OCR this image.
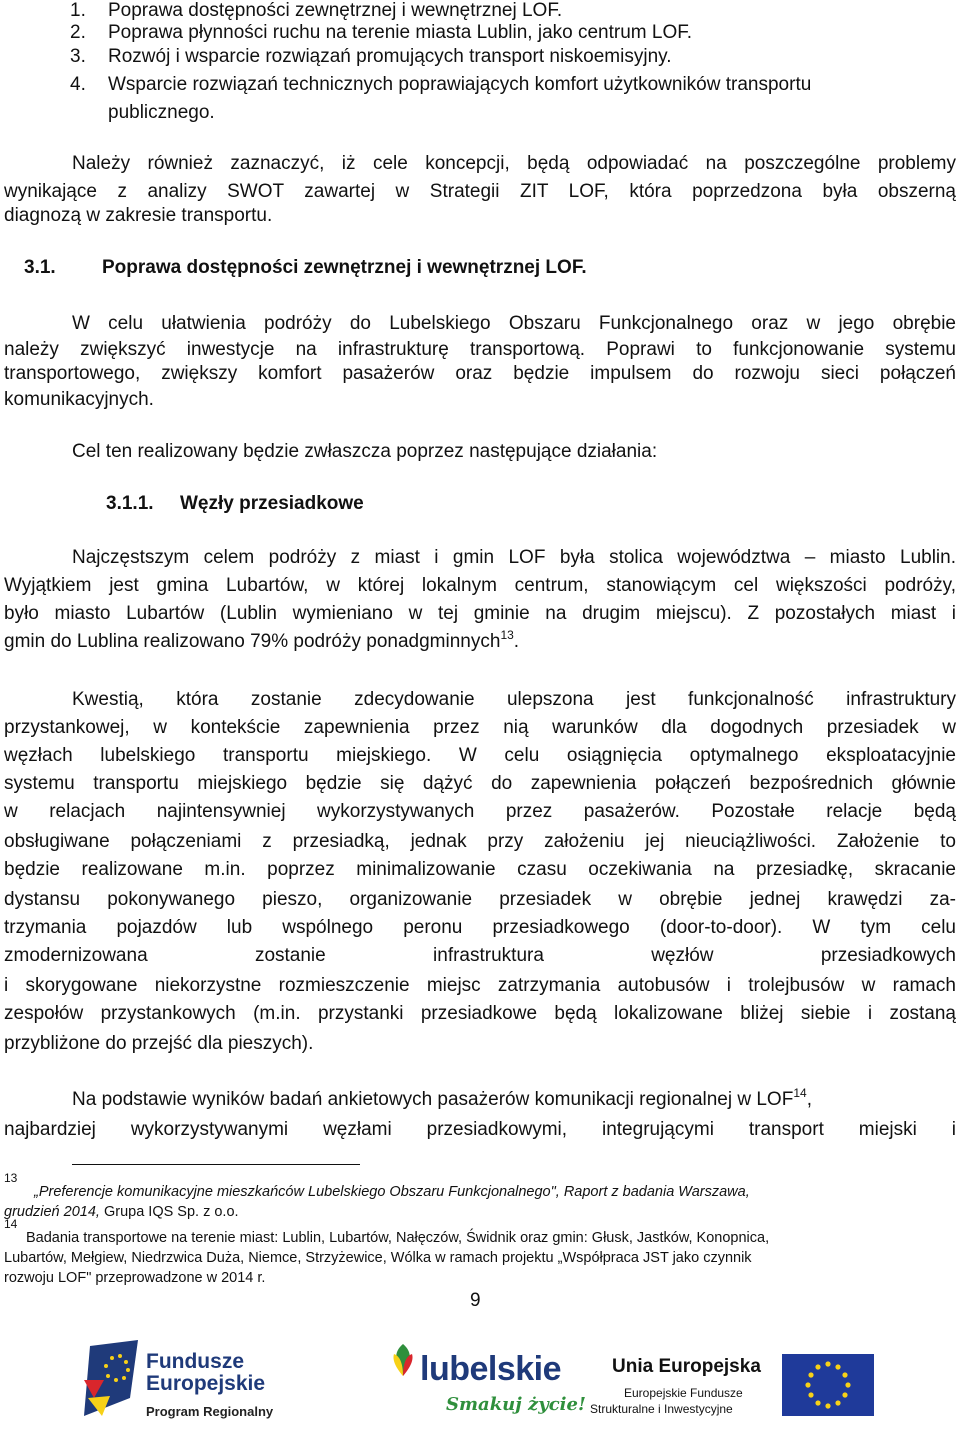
1. Poprawa dostępności zewnętrznej i wewnętrznej LOF.
2. Poprawa płynności ruchu na terenie miasta Lublin, jako centrum LOF.
3. Rozwój i wsparcie rozwiązań promujących transport niskoemisyjny.
4. Wsparcie rozwiązań technicznych poprawiających komfort użytkowników transportu
publicznego.
Należy również zaznaczyć, iż cele koncepcji, będą odpowiadać na poszczególne problemy
wynikające z analizy SWOT zawartej w Strategii ZIT LOF, która poprzedzona była obszerną
diagnozą w zakresie transportu.
3.1. Poprawa dostępności zewnętrznej i wewnętrznej LOF.
W celu ułatwienia podróży do Lubelskiego Obszaru Funkcjonalnego oraz w jego obrębie
należy zwiększyć inwestycje na infrastrukturę transportową. Poprawi to funkcjonowanie systemu
transportowego, zwiększy komfort pasażerów oraz będzie impulsem do rozwoju sieci połączeń
komunikacyjnych.
Cel ten realizowany będzie zwłaszcza poprzez następujące działania:
3.1.1. Węzły przesiadkowe
Najczęstszym celem podróży z miast i gmin LOF była stolica województwa – miasto Lublin.
Wyjątkiem jest gmina Lubartów, w której lokalnym centrum, stanowiącym cel większości podróży,
było miasto Lubartów (Lublin wymieniano w tej gminie na drugim miejscu). Z pozostałych miast i
gmin do Lublina realizowano 79% podróży ponadgminnych$^{13}$.
Kwestią, która zostanie zdecydowanie ulepszona jest funkcjonalność infrastruktury
przystankowej, w kontekście zapewnienia przez nią warunków dla dogodnych przesiadek w
węzłach lubelskiego transportu miejskiego. W celu osiągnięcia optymalnego eksploatacyjnie
systemu transportu miejskiego będzie się dążyć do zapewnienia połączeń bezpośrednich głównie
w relacjach najintensywniej wykorzystywanych przez pasażerów. Pozostałe relacje będą
obsługiwane połączeniami z przesiadką, jednak przy założeniu jej nieuciążliwości. Założenie to
będzie realizowane m.in. poprzez minimalizowanie czasu oczekiwania na przesiadkę, skracanie
dystansu pokonywanego pieszo, organizowanie przesiadek w obrębie jednej krawędzi za-
trzymania pojazdów lub wspólnego peronu przesiadkowego (door-to-door). W tym celu
zmodernizowana zostanie infrastruktura węzłów przesiadkowych
i skorygowane niekorzystne rozmieszczenie miejsc zatrzymania autobusów i trolejbusów w ramach
zespołów przystankowych (m.in. przystanki przesiadkowe będą lokalizowane bliżej siebie i zostaną
przybliżone do przejść dla pieszych).
Na podstawie wyników badań ankietowych pasażerów komunikacji regionalnej w LOF$^{14}$,
najbardziej wykorzystywanymi węzłami przesiadkowymi, integrującymi transport miejski i
$^{13}$
„Preferencje komunikacyjne mieszkańców Lubelskiego Obszaru Funkcjonalnego", Raport z badania Warszawa,
grudzień 2014, Grupa IQS Sp. z o.o.
$^{14}$
Badania transportowe na terenie miast: Lublin, Lubartów, Nałęczów, Świdnik oraz gmin: Głusk, Jastków, Konopnica,
Lubartów, Mełgiew, Niedrzwica Duża, Niemce, Strzyżewice, Wólka w ramach projektu „Współpraca JST jako czynnik
rozwoju LOF" przeprowadzone w 2014 r.
9
Fundusze
Europejskie
Program Regionalny
lubelskie
Smakuj życie!
Unia Europejska
Europejskie Fundusze
Strukturalne i Inwestycyjne
